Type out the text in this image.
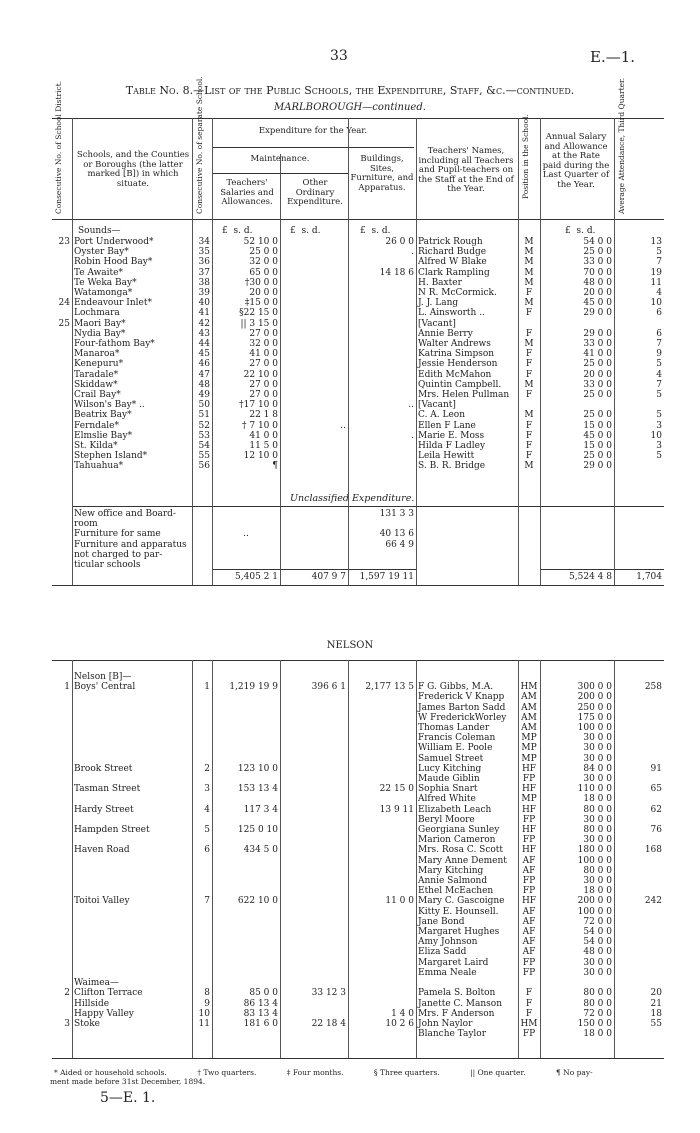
33	E.—1.
Table No. 8.—List of the Public Schools, the Expenditure, Staff, &c.—continued.
MARLBOROUGH—continued.
Consecutive No. of School District.	Schools, and the Counties or Boroughs (the latter marked [B]) in which situate.	Consecutive No. of separate School.	Expenditure for the Year.
Maintenance.
Teachers' Salaries and Allowances.
Other Ordinary Expenditure.
Buildings, Sites, Furniture, and Apparatus.
Teachers' Names, including all Teachers and Pupil-teachers on the Staff at the End of the Year.	Position in the School.	Annual Salary and Allowance at the Rate paid during the Last Quarter of the Year.	Average Attendance, Third Quarter.
£ s. d.	£ s. d.	£ s. d.	£ s. d.
Sounds—
23	Port Underwood*	34	52 10 0		26 0 0	Patrick Rough	M	54 0 0	13
	Oyster Bay*	35	25 0 0		.	Richard Budge	M	25 0 0	5
	Robin Hood Bay*	36	32 0 0			Alfred W Blake	M	33 0 0	7
	Te Awaite*	37	65 0 0		14 18 6	Clark Rampling	M	70 0 0	19
	Te Weka Bay*	38	†30 0 0			H. Baxter	M	48 0 0	11
	Watamonga*	39	20 0 0			N R. McCormick.	F	20 0 0	4
24	Endeavour Inlet*	40	‡15 0 0			J. J. Lang	M	45 0 0	10
	Lochmara	41	§22 15 0			L. Ainsworth ..	F	29 0 0	6
25	Maori Bay*	42	|| 3 15 0			[Vacant]			
	Nydia Bay*	43	27 0 0			Annie Berry	F	29 0 0	6
	Four-fathom Bay*	44	32 0 0			Walter Andrews	M	33 0 0	7
	Manaroa*	45	41 0 0			Katrina Simpson	F	41 0 0	9
	Kenepuru*	46	27 0 0			Jessie Henderson	F	25 0 0	5
	Taradale*	47	22 10 0			Edith McMahon	F	20 0 0	4
	Skiddaw*	48	27 0 0			Quintin Campbell.	M	33 0 0	7
	Crail Bay*	49	27 0 0			Mrs. Helen Pullman	F	25 0 0	5
	Wilson's Bay* ..	50	†17 10 0		..	[Vacant]			
	Beatrix Bay*	51	22 1 8			C. A. Leon	M	25 0 0	5
	Ferndale*	52	† 7 10 0	..		Ellen F Lane	F	15 0 0	3
	Elmslie Bay*	53	41 0 0		.	Marie E. Moss	F	45 0 0	10
	St. Kilda*	54	11 5 0			Hilda F Ladley	F	15 0 0	3
	Stephen Island*	55	12 10 0			Leila Hewitt	F	25 0 0	5
	Tahuahua*	56	¶			S. B. R. Bridge	M	29 0 0	
Unclassified Expenditure.
	New office and Board-				131 3 3				
	room								
	Furniture for same		..		40 13 6				
	Furniture and apparatus				66 4 9				
	not charged to par-								
	ticular schools								
5,405 2 1	407 9 7	1,597 19 11	5,524 4 8	1,704
NELSON
	Nelson [B]—								
1	Boys' Central	1	1,219 19 9	396 6 1	2,177 13 5	F G. Gibbs, M.A.	HM	300 0 0	258
						Frederick V Knapp	AM	200 0 0	
						James Barton Sadd	AM	250 0 0	
						W FrederickWorley	AM	175 0 0	
						Thomas Lander	AM	100 0 0	
						Francis Coleman	MP	30 0 0	
						William E. Poole	MP	30 0 0	
						Samuel Street	MP	30 0 0	
	Brook Street	2	123 10 0			Lucy Kitching	HF	84 0 0	91
						Maude Giblin	FP	30 0 0	
	Tasman Street	3	153 13 4		22 15 0	Sophia Snart	HF	110 0 0	65
						Alfred White	MP	18 0 0	
	Hardy Street	4	117 3 4		13 9 11	Elizabeth Leach	HF	80 0 0	62
						Beryl Moore	FP	30 0 0	
	Hampden Street	5	125 0 10			Georgiana Sunley	HF	80 0 0	76
						Marion Cameron	FP	30 0 0	
	Haven Road	6	434 5 0			Mrs. Rosa C. Scott	HF	180 0 0	168
						Mary Anne Dement	AF	100 0 0	
						Mary Kitching	AF	80 0 0	
						Annie Salmond	FP	30 0 0	
						Ethel McEachen	FP	18 0 0	
	Toitoi Valley	7	622 10 0		11 0 0	Mary C. Gascoigne	HF	200 0 0	242
						Kitty E. Hounsell.	AF	100 0 0	
						Jane Bond	AF	72 0 0	
						Margaret Hughes	AF	54 0 0	
						Amy Johnson	AF	54 0 0	
						Eliza Sadd	AF	48 0 0	
						Margaret Laird	FP	30 0 0	
						Emma Neale	FP	30 0 0	
	Waimea—								
2	Clifton Terrace	8	85 0 0	33 12 3		Pamela S. Bolton	F	80 0 0	20
	Hillside	9	86 13 4			Janette C. Manson	F	80 0 0	21
	Happy Valley	10	83 13 4		1 4 0	Mrs. F Anderson	F	72 0 0	18
3	Stoke	11	181 6 0	22 18 4	10 2 6	John Naylor	HM	150 0 0	55
						Blanche Taylor	FP	18 0 0	
* Aided or household schools.	† Two quarters.	‡ Four months.	§ Three quarters.	|| One quarter.	¶ No pay-
ment made before 31st December, 1894.
5—E. 1.
